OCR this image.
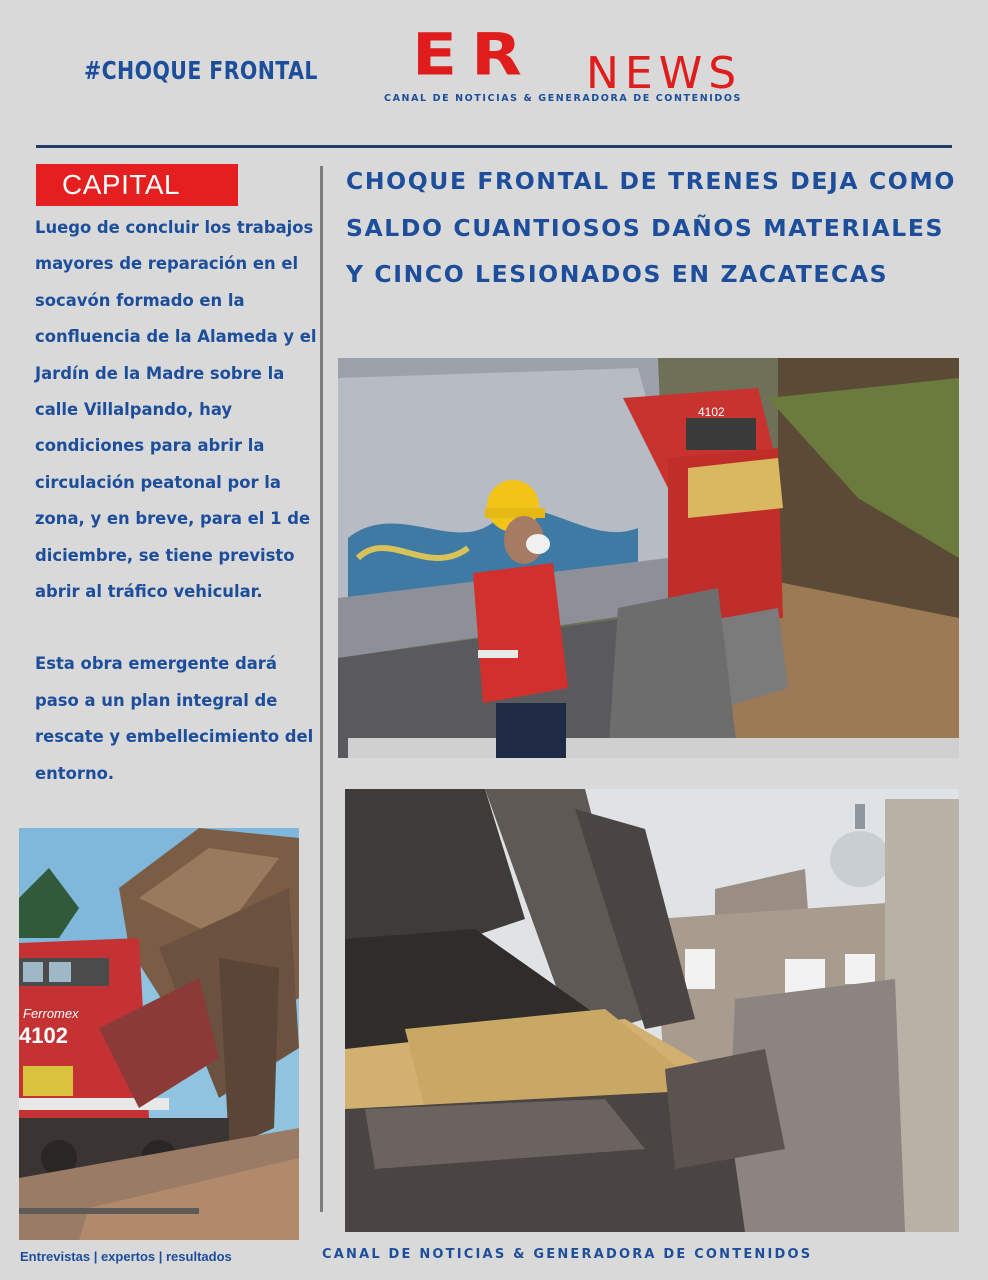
#CHOQUE FRONTAL ER NEWS
CANAL DE NOTICIAS & GENERADORA DE CONTENIDOS
CAPITAL

Luego de concluir los trabajos mayores de reparación en el socavón formado en la confluencia de la Alameda y el Jardín de la Madre sobre la calle Villalpando, hay condiciones para abrir la circulación peatonal por la zona, y en breve, para el 1 de diciembre, se tiene previsto abrir al tráfico vehicular.

Esta obra emergente dará paso a un plan integral de rescate y embellecimiento del entorno.

CHOQUE FRONTAL DE TRENES DEJA COMO SALDO CUANTIOSOS DAÑOS MATERIALES Y CINCO LESIONADOS EN ZACATECAS
4102
Ferromex
4102
Entrevistas | expertos | resultados	CANAL DE NOTICIAS & GENERADORA DE CONTENIDOS
